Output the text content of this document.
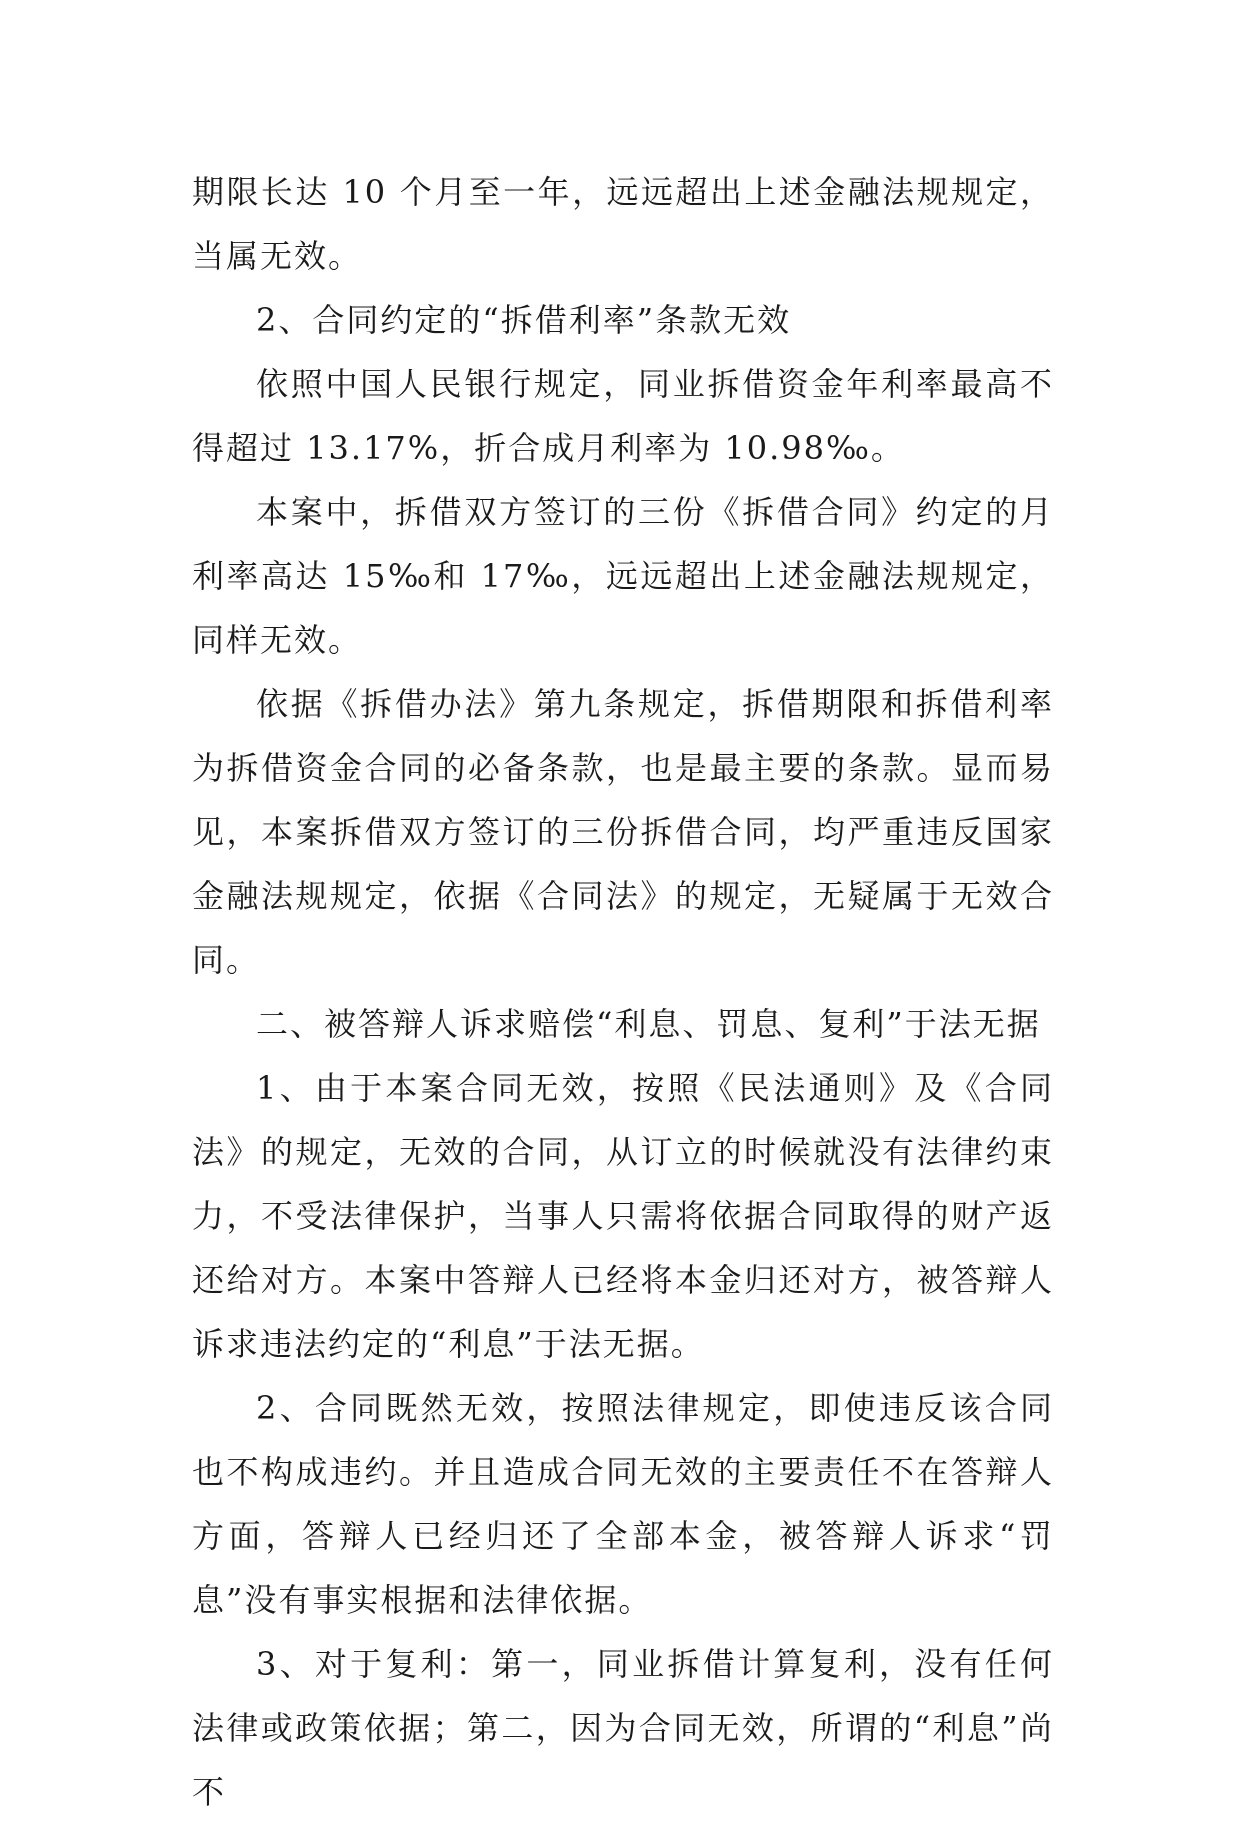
期限长达 10 个月至一年，远远超出上述金融法规规定，当属无效。

2、合同约定的“拆借利率”条款无效

依照中国人民银行规定，同业拆借资金年利率最高不得超过 13.17%，折合成月利率为 10.98‰。

本案中，拆借双方签订的三份《拆借合同》约定的月利率高达 15‰和 17‰，远远超出上述金融法规规定，同样无效。

依据《拆借办法》第九条规定，拆借期限和拆借利率为拆借资金合同的必备条款，也是最主要的条款。显而易见，本案拆借双方签订的三份拆借合同，均严重违反国家金融法规规定，依据《合同法》的规定，无疑属于无效合同。

二、被答辩人诉求赔偿“利息、罚息、复利”于法无据

1、由于本案合同无效，按照《民法通则》及《合同法》的规定，无效的合同，从订立的时候就没有法律约束力，不受法律保护，当事人只需将依据合同取得的财产返还给对方。本案中答辩人已经将本金归还对方，被答辩人诉求违法约定的“利息”于法无据。

2、合同既然无效，按照法律规定，即使违反该合同也不构成违约。并且造成合同无效的主要责任不在答辩人方面，答辩人已经归还了全部本金，被答辩人诉求“罚息”没有事实根据和法律依据。

3、对于复利：第一，同业拆借计算复利，没有任何法律或政策依据；第二，因为合同无效，所谓的“利息”尚不
